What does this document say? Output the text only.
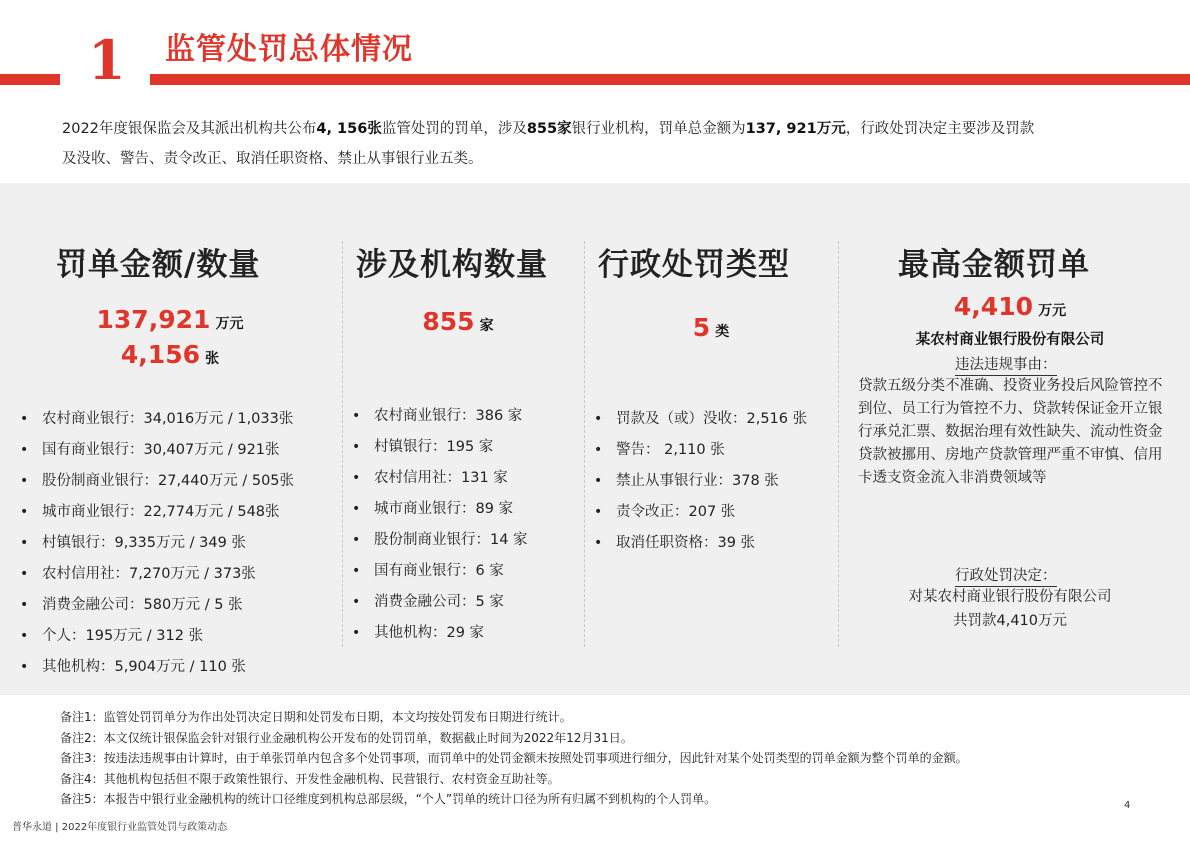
1 监管处罚总体情况
2022年度银保监会及其派出机构共公布4, 156张监管处罚的罚单，涉及855家银行业机构，罚单总金额为137, 921万元，行政处罚决定主要涉及罚款
及没收、警告、责令改正、取消任职资格、禁止从事银行业五类。
罚单金额/数量
137,921 万元
4,156 张
• 农村商业银行：34,016万元 / 1,033张
• 国有商业银行：30,407万元 / 921张
• 股份制商业银行：27,440万元 / 505张
• 城市商业银行：22,774万元 / 548张
• 村镇银行：9,335万元 / 349 张
• 农村信用社：7,270万元 / 373张
• 消费金融公司：580万元 / 5 张
• 个人：195万元 / 312 张
• 其他机构：5,904万元 / 110 张
涉及机构数量
855 家
• 农村商业银行：386 家
• 村镇银行：195 家
• 农村信用社：131 家
• 城市商业银行：89 家
• 股份制商业银行：14 家
• 国有商业银行：6 家
• 消费金融公司：5 家
• 其他机构：29 家
行政处罚类型
5 类
• 罚款及（或）没收：2,516 张
• 警告： 2,110 张
• 禁止从事银行业：378 张
• 责令改正：207 张
• 取消任职资格：39 张
最高金额罚单
4,410 万元
某农村商业银行股份有限公司
违法违规事由：
贷款五级分类不准确、投资业务投后风险管控不到位、员工行为管控不力、贷款转保证金开立银行承兑汇票、数据治理有效性缺失、流动性资金贷款被挪用、房地产贷款管理严重不审慎、信用卡透支资金流入非消费领域等
行政处罚决定：
对某农村商业银行股份有限公司
共罚款4,410万元
备注1：监管处罚罚单分为作出处罚决定日期和处罚发布日期，本文均按处罚发布日期进行统计。
备注2：本文仅统计银保监会针对银行业金融机构公开发布的处罚罚单，数据截止时间为2022年12月31日。
备注3：按违法违规事由计算时，由于单张罚单内包含多个处罚事项，而罚单中的处罚金额未按照处罚事项进行细分，因此针对某个处罚类型的罚单金额为整个罚单的金额。
备注4：其他机构包括但不限于政策性银行、开发性金融机构、民营银行、农村资金互助社等。
备注5：本报告中银行业金融机构的统计口径维度到机构总部层级，“个人”罚单的统计口径为所有归属不到机构的个人罚单。	4
普华永道 | 2022年度银行业监管处罚与政策动态
